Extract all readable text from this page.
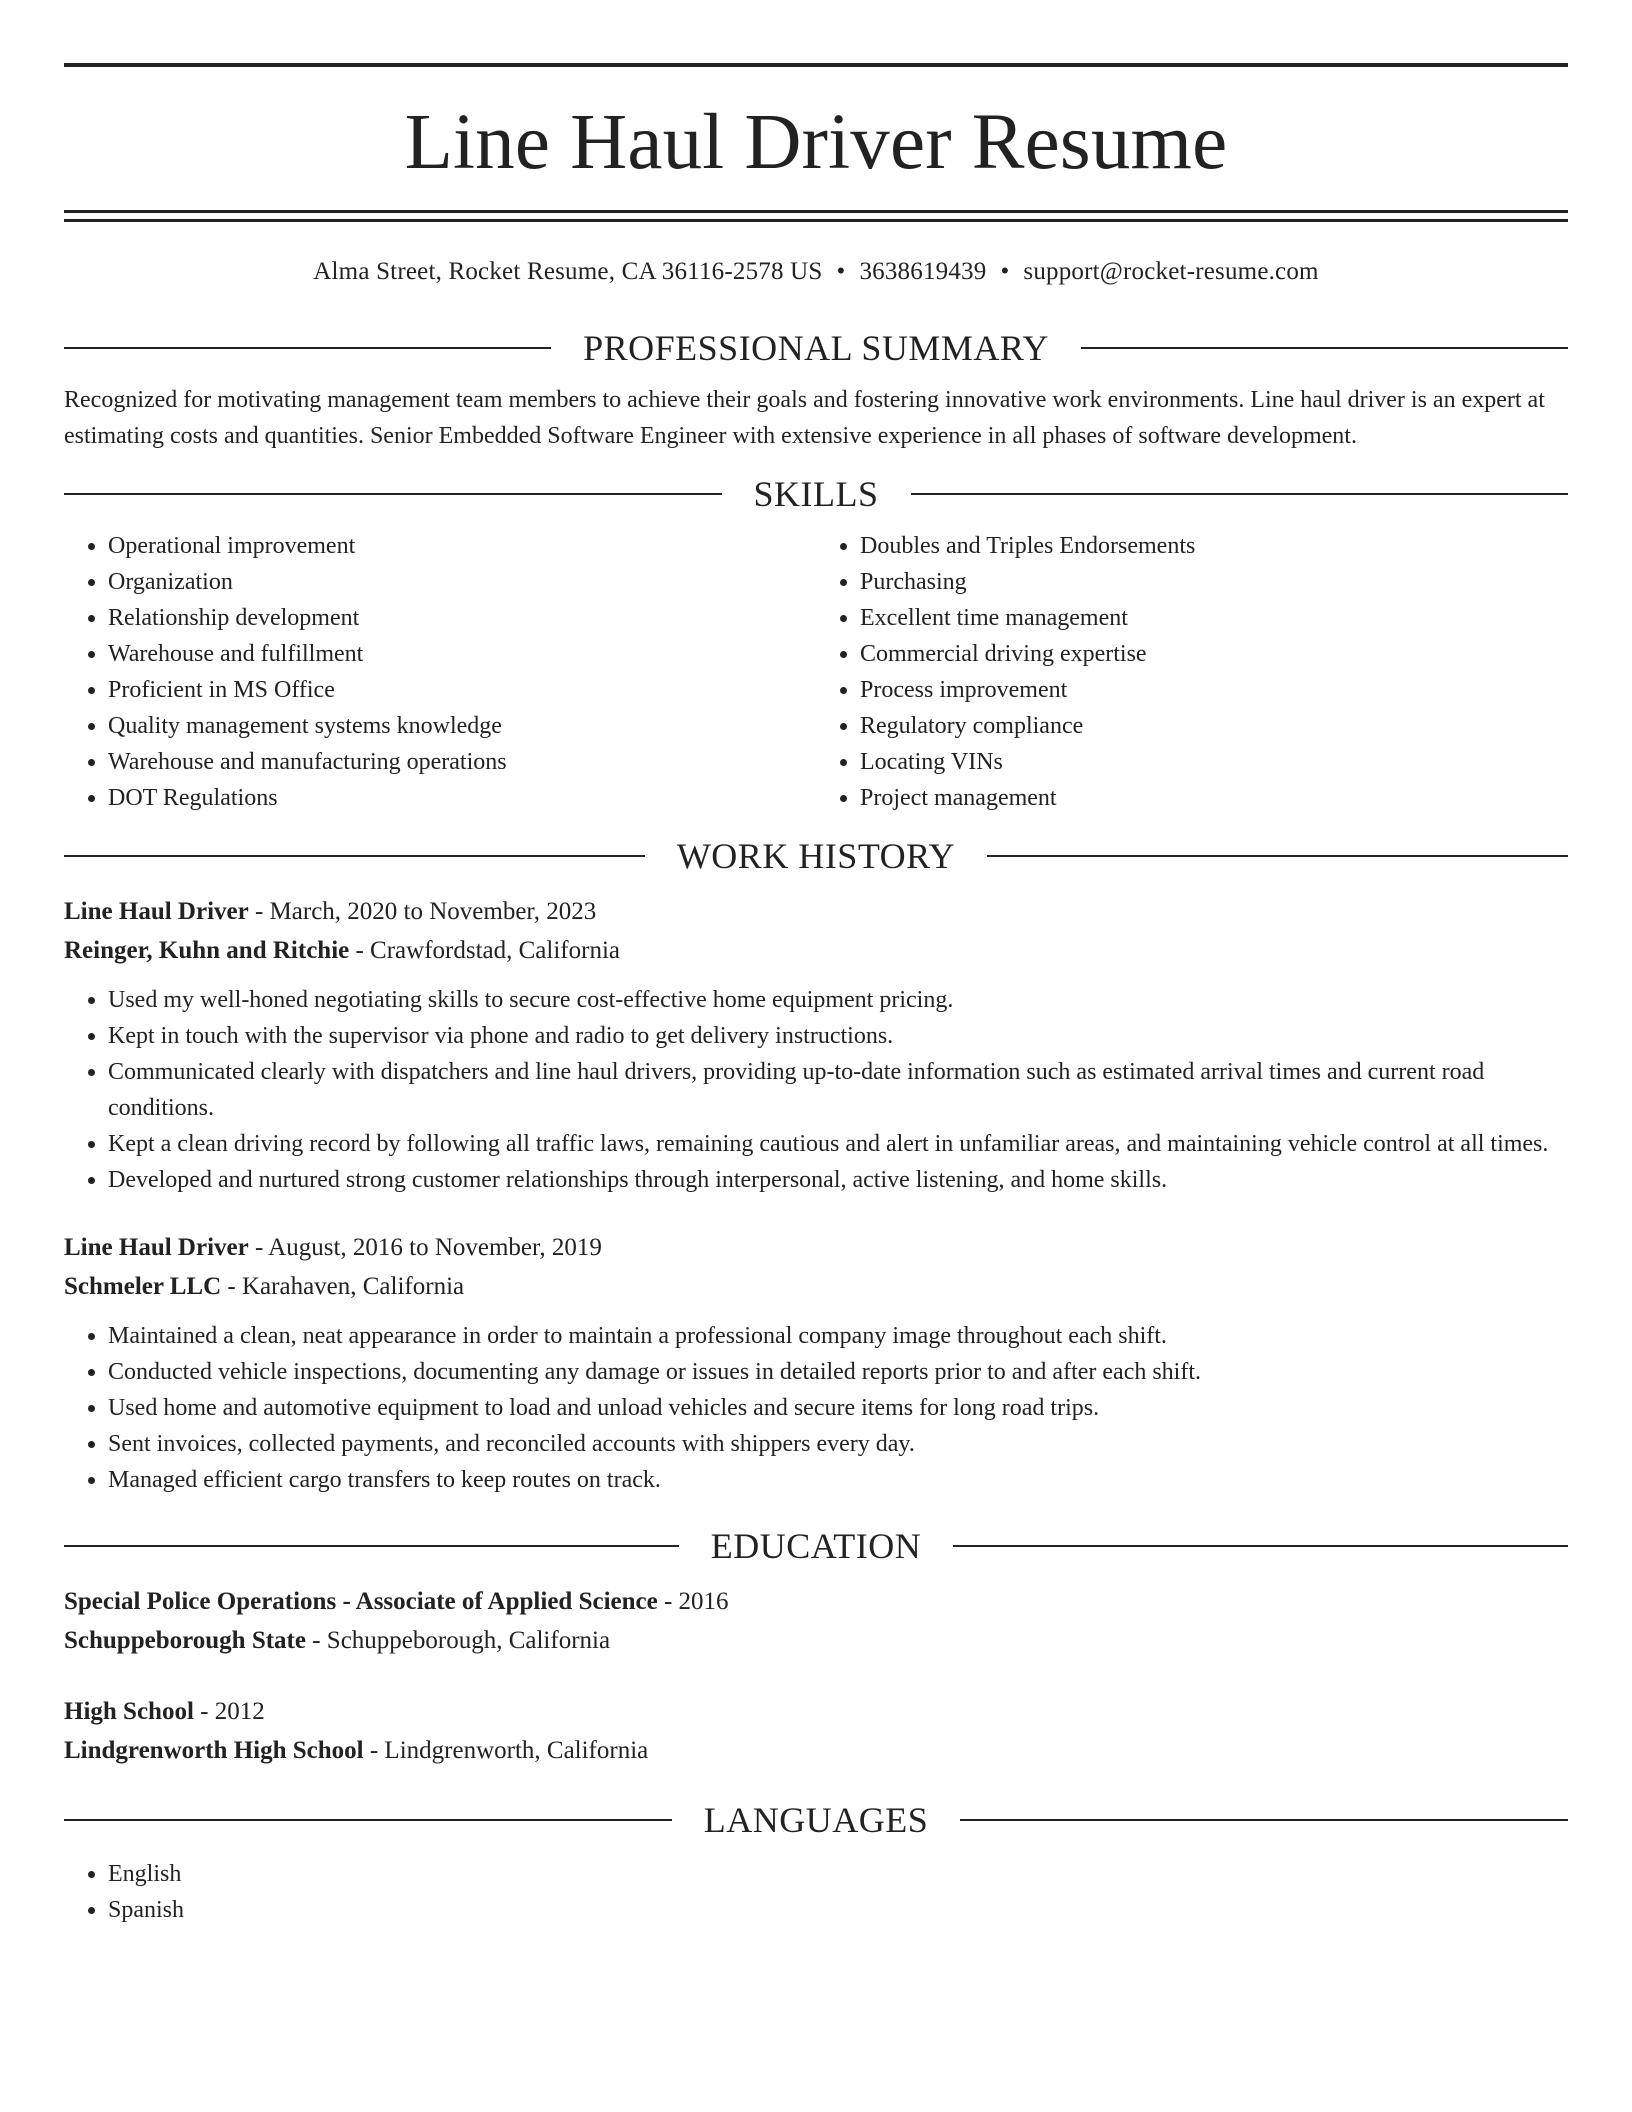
Line Haul Driver Resume
Alma Street, Rocket Resume, CA 36116-2578 US • 3638619439 • support@rocket-resume.com
PROFESSIONAL SUMMARY

Recognized for motivating management team members to achieve their goals and fostering innovative work environments. Line haul driver is an expert at estimating costs and quantities. Senior Embedded Software Engineer with extensive experience in all phases of software development.

SKILLS
• Operational improvement
• Organization
• Relationship development
• Warehouse and fulfillment
• Proficient in MS Office
• Quality management systems knowledge
• Warehouse and manufacturing operations
• DOT Regulations
• Doubles and Triples Endorsements
• Purchasing
• Excellent time management
• Commercial driving expertise
• Process improvement
• Regulatory compliance
• Locating VINs
• Project management
WORK HISTORY
Line Haul Driver - March, 2020 to November, 2023
Reinger, Kuhn and Ritchie - Crawfordstad, California
• Used my well-honed negotiating skills to secure cost-effective home equipment pricing.
• Kept in touch with the supervisor via phone and radio to get delivery instructions.
• Communicated clearly with dispatchers and line haul drivers, providing up-to-date information such as estimated arrival times and current road conditions.
• Kept a clean driving record by following all traffic laws, remaining cautious and alert in unfamiliar areas, and maintaining vehicle control at all times.
• Developed and nurtured strong customer relationships through interpersonal, active listening, and home skills.
Line Haul Driver - August, 2016 to November, 2019
Schmeler LLC - Karahaven, California
• Maintained a clean, neat appearance in order to maintain a professional company image throughout each shift.
• Conducted vehicle inspections, documenting any damage or issues in detailed reports prior to and after each shift.
• Used home and automotive equipment to load and unload vehicles and secure items for long road trips.
• Sent invoices, collected payments, and reconciled accounts with shippers every day.
• Managed efficient cargo transfers to keep routes on track.
EDUCATION
Special Police Operations - Associate of Applied Science - 2016
Schuppeborough State - Schuppeborough, California
High School - 2012
Lindgrenworth High School - Lindgrenworth, California
LANGUAGES
• English
• Spanish
